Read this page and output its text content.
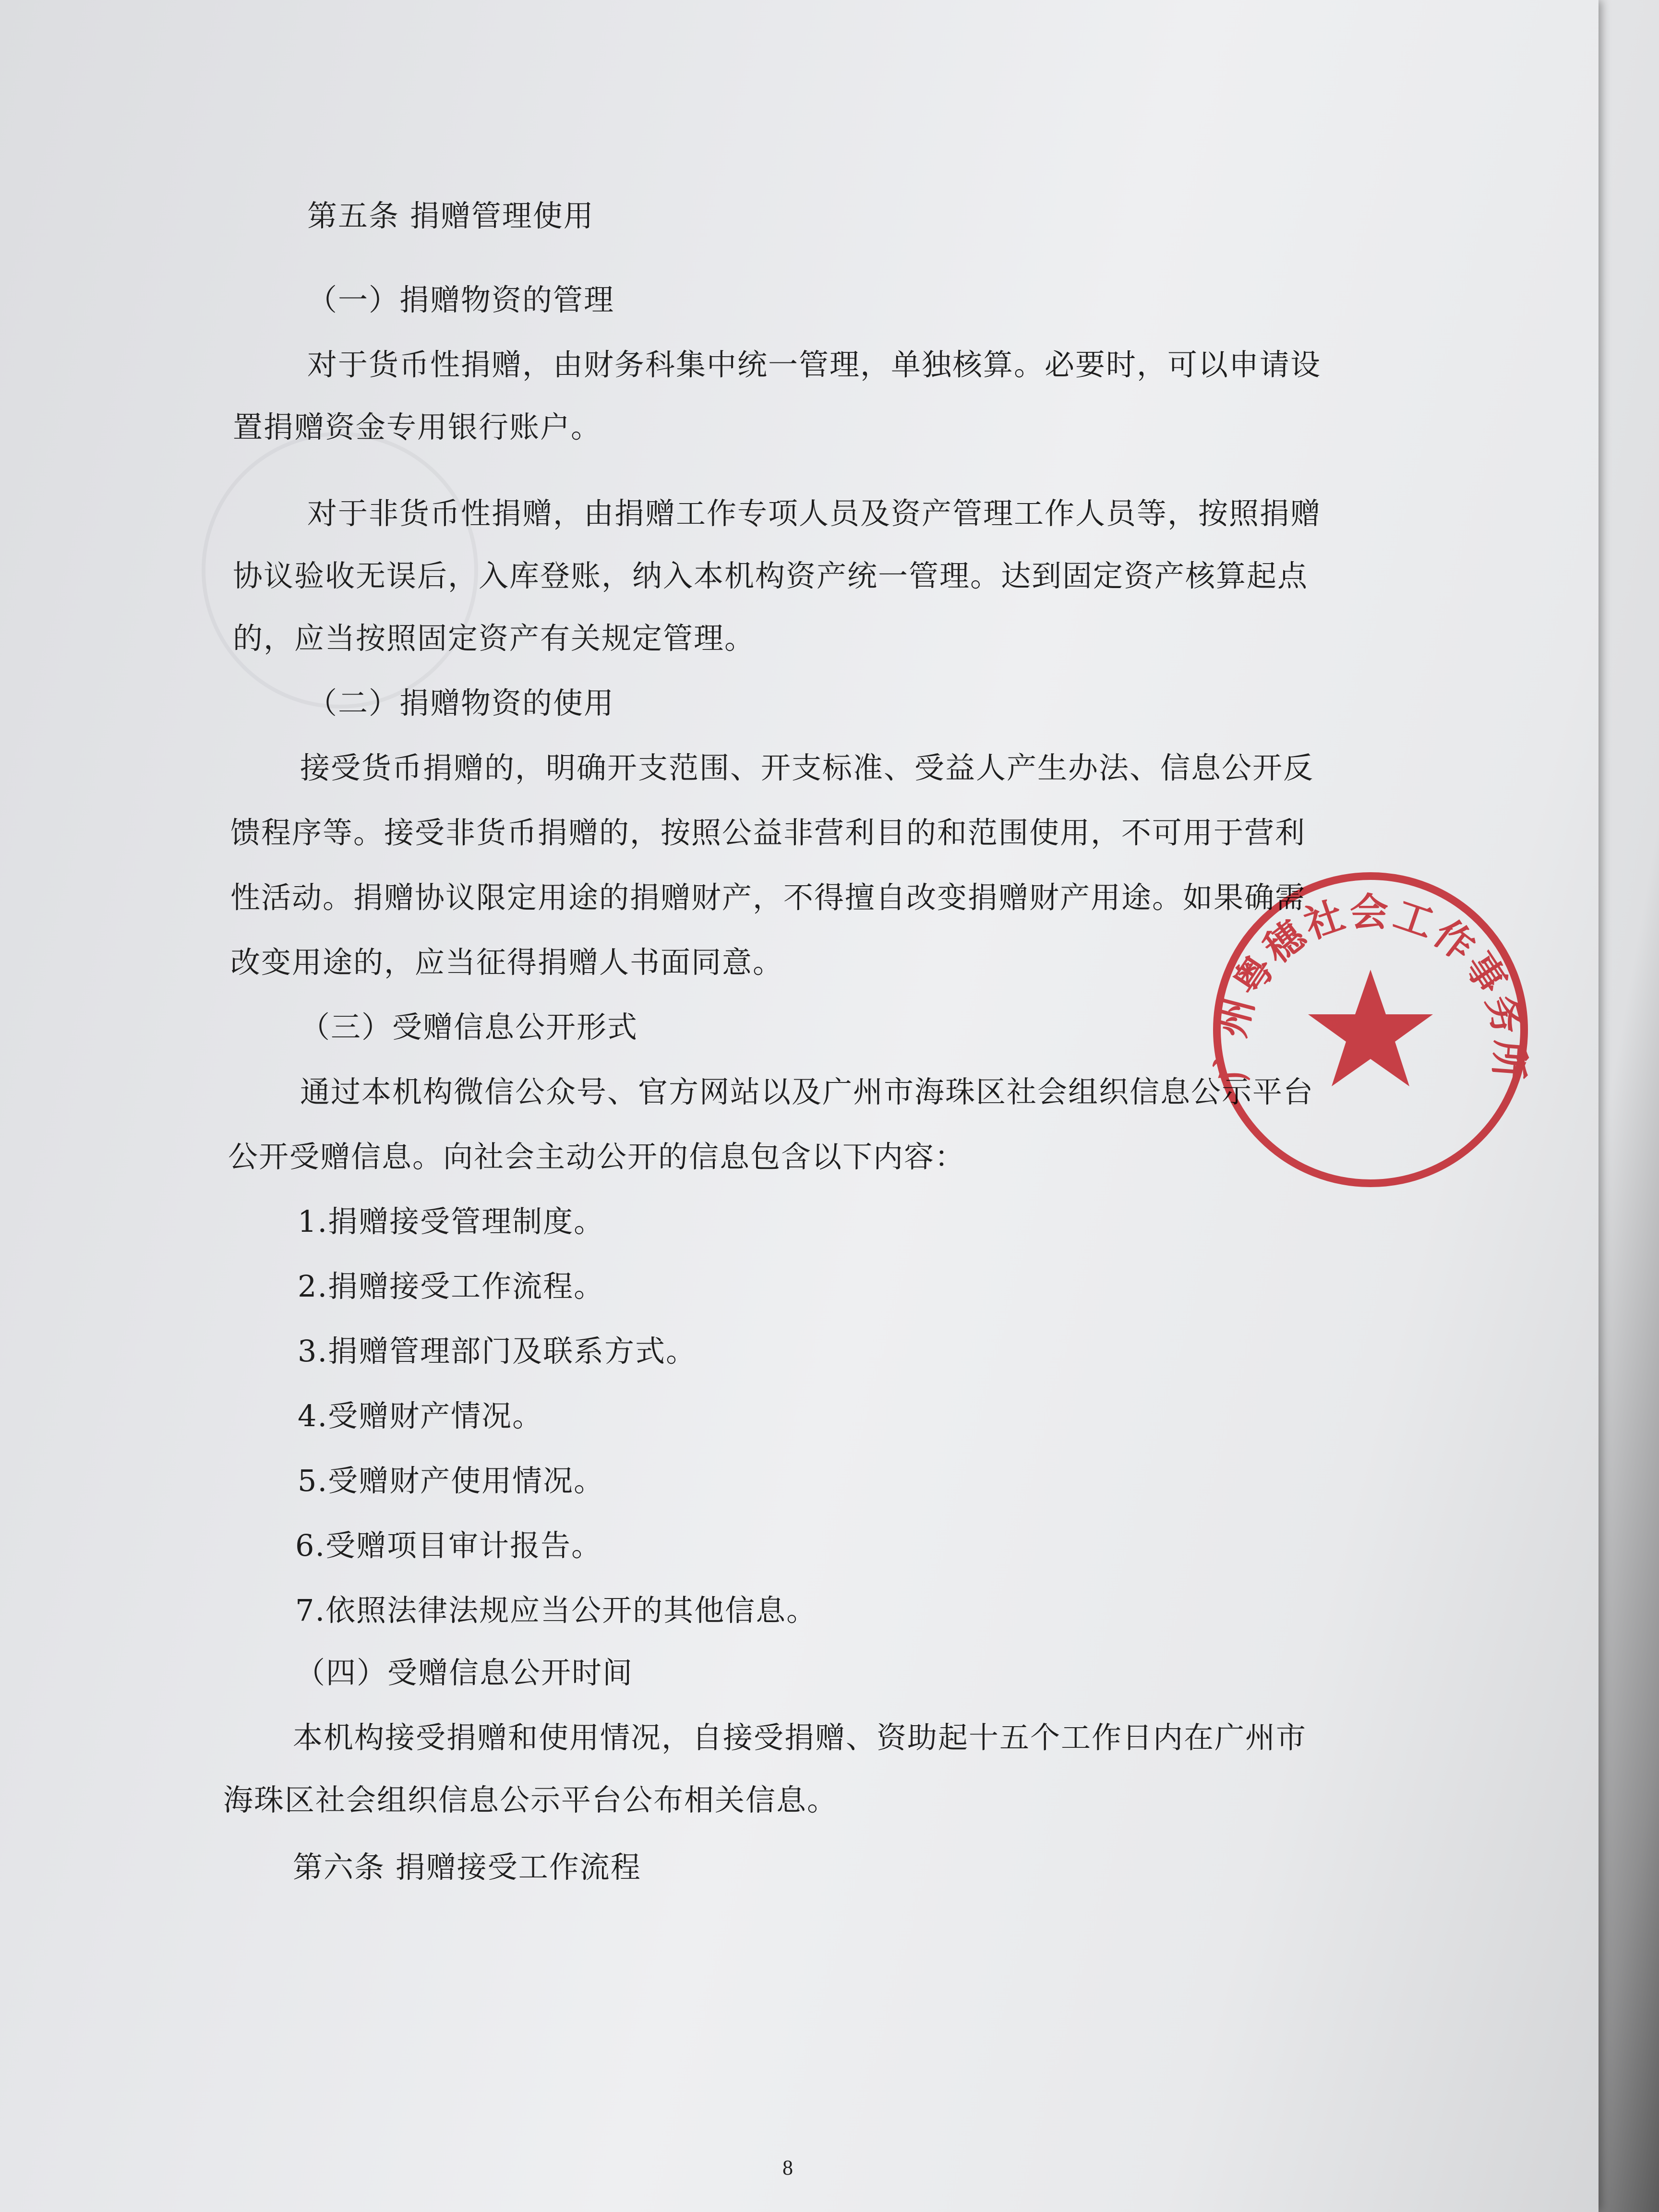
第五条 捐赠管理使用
（一）捐赠物资的管理
对于货币性捐赠，由财务科集中统一管理，单独核算。必要时，可以申请设
置捐赠资金专用银行账户。
对于非货币性捐赠，由捐赠工作专项人员及资产管理工作人员等，按照捐赠
协议验收无误后，入库登账，纳入本机构资产统一管理。达到固定资产核算起点
的，应当按照固定资产有关规定管理。
（二）捐赠物资的使用
接受货币捐赠的，明确开支范围、开支标准、受益人产生办法、信息公开反
馈程序等。接受非货币捐赠的，按照公益非营利目的和范围使用，不可用于营利
性活动。捐赠协议限定用途的捐赠财产，不得擅自改变捐赠财产用途。如果确需
改变用途的，应当征得捐赠人书面同意。
（三）受赠信息公开形式
通过本机构微信公众号、官方网站以及广州市海珠区社会组织信息公示平台
公开受赠信息。向社会主动公开的信息包含以下内容：
1.捐赠接受管理制度。
2.捐赠接受工作流程。
3.捐赠管理部门及联系方式。
4.受赠财产情况。
5.受赠财产使用情况。
6.受赠项目审计报告。
7.依照法律法规应当公开的其他信息。
（四）受赠信息公开时间
本机构接受捐赠和使用情况，自接受捐赠、资助起十五个工作日内在广州市
海珠区社会组织信息公示平台公布相关信息。
第六条 捐赠接受工作流程
8
广州粤穗社会工作事务所
